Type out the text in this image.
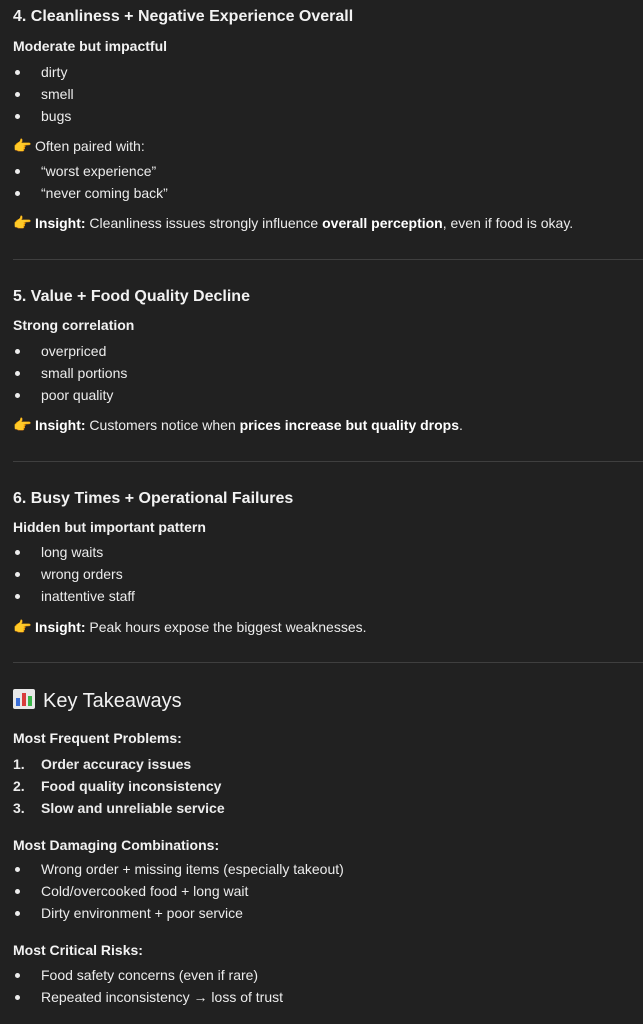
4. Cleanliness + Negative Experience Overall
Moderate but impactful
dirty
smell
bugs
👉 Often paired with:
“worst experience”
“never coming back”
👉 Insight: Cleanliness issues strongly influence overall perception, even if food is okay.
5. Value + Food Quality Decline
Strong correlation
overpriced
small portions
poor quality
👉 Insight: Customers notice when prices increase but quality drops.
6. Busy Times + Operational Failures
Hidden but important pattern
long waits
wrong orders
inattentive staff
👉 Insight: Peak hours expose the biggest weaknesses.
Key Takeaways
Most Frequent Problems:
1. Order accuracy issues
2. Food quality inconsistency
3. Slow and unreliable service
Most Damaging Combinations:
Wrong order + missing items (especially takeout)
Cold/overcooked food + long wait
Dirty environment + poor service
Most Critical Risks:
Food safety concerns (even if rare)
Repeated inconsistency → loss of trust
